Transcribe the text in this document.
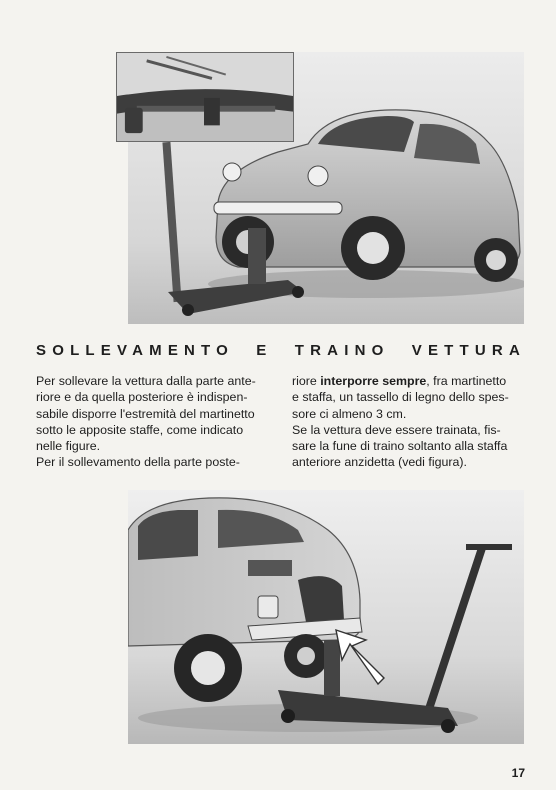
SOLLEVAMENTO E TRAINO VETTURA

Per sollevare la vettura dalla parte ante-

riore e da quella posteriore è indispen-

sabile disporre l'estremità del martinetto

sotto le apposite staffe, come indicato

nelle figure.

Per il sollevamento della parte poste-

riore interporre sempre, fra martinetto

e staffa, un tassello di legno dello spes-

sore ci almeno 3 cm.

Se la vettura deve essere trainata, fis-

sare la fune di traino soltanto alla staffa

anteriore anzidetta (vedi figura).

17
